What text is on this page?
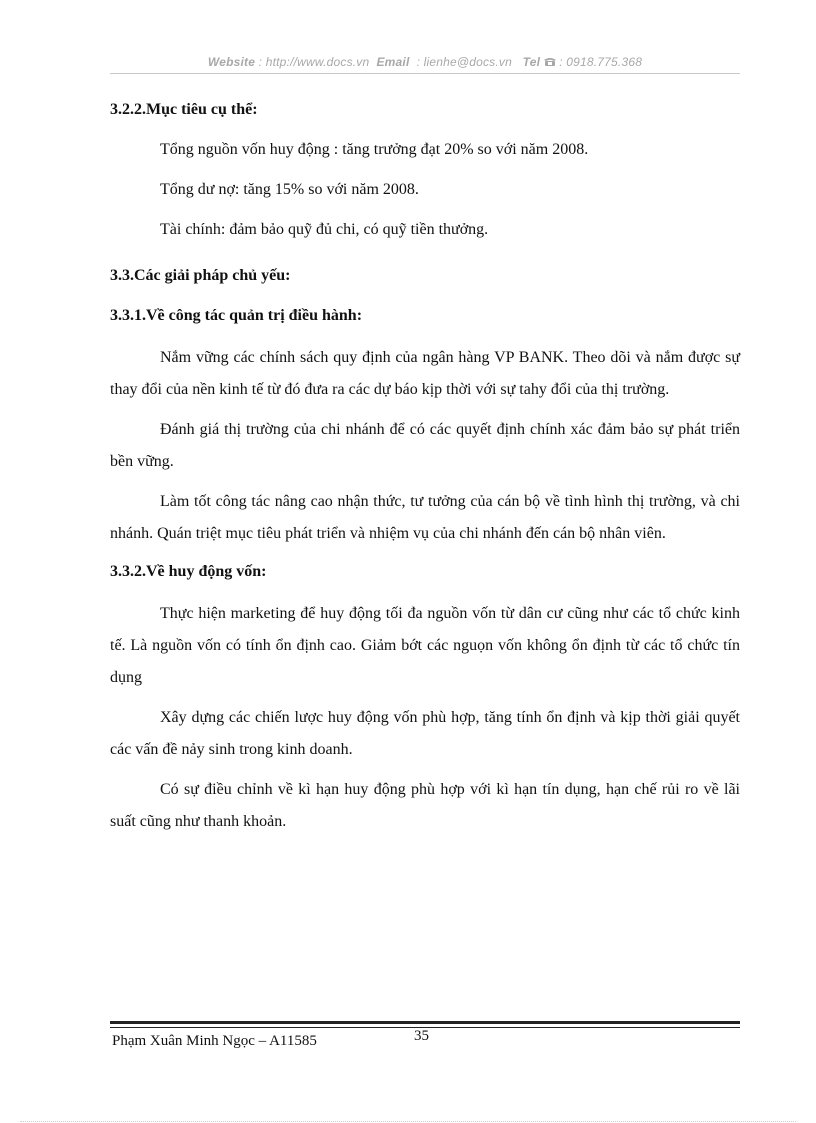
Website : http://www.docs.vn Email : lienhe@docs.vn Tel : 0918.775.368
3.2.2.Mục tiêu cụ thể:
Tổng nguồn vốn huy động : tăng trưởng đạt 20% so với năm 2008.
Tổng dư nợ: tăng 15% so với năm 2008.
Tài chính: đảm bảo quỹ đủ chi, có quỹ tiền thưởng.
3.3.Các giải pháp chủ yếu:
3.3.1.Về công tác quản trị điều hành:
Nắm vững các chính sách quy định của ngân hàng VP BANK. Theo dõi và nắm được sự thay đổi của nền kinh tế từ đó đưa ra các dự báo kịp thời với sự tahy đổi của thị trường.
Đánh giá thị trường của chi nhánh để có các quyết định chính xác đảm bảo sự phát triển bền vững.
Làm tốt công tác nâng cao nhận thức, tư tưởng của cán bộ về tình hình thị trường, và chi nhánh. Quán triệt mục tiêu phát triển và nhiệm vụ của chi nhánh đến cán bộ nhân viên.
3.3.2.Về huy động vốn:
Thực hiện marketing để huy động tối đa nguồn vốn từ dân cư cũng như các tổ chức kinh tế. Là nguồn vốn có tính ổn định cao. Giảm bớt các nguọn vốn không ổn định từ các tổ chức tín dụng
Xây dựng các chiến lược huy động vốn phù hợp, tăng tính ổn định và kịp thời giải quyết các vấn đề nảy sinh trong kinh doanh.
Có sự điều chỉnh về kì hạn huy động phù hợp với kì hạn tín dụng, hạn chế rủi ro về lãi suất cũng như thanh khoản.
Phạm Xuân Minh Ngọc – A11585	35
